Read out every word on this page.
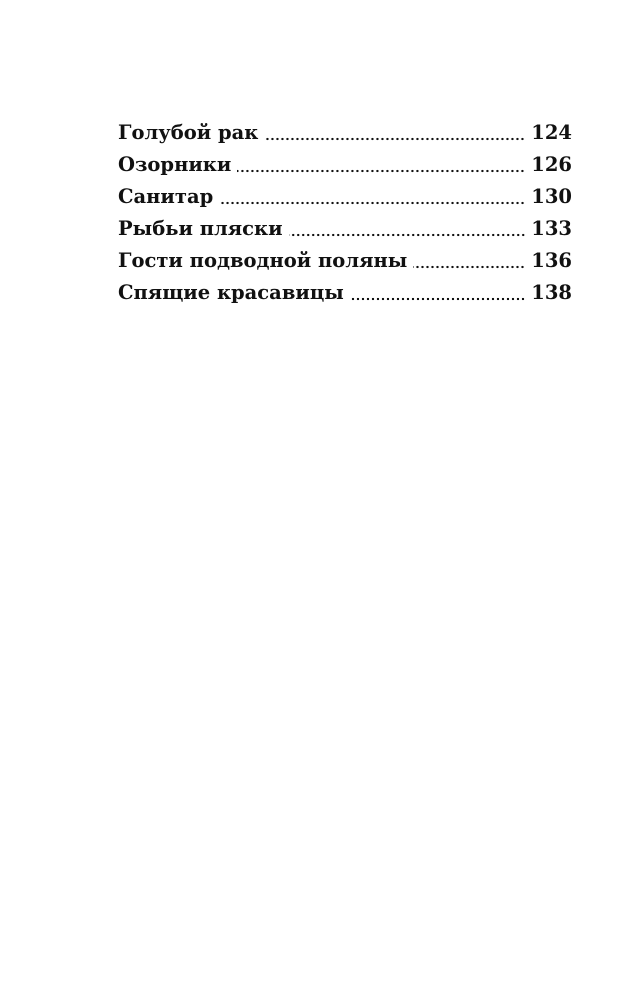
Голубой рак	124
Озорники	126
Санитар	130
Рыбьи пляски	133
Гости подводной поляны	136
Спящие красавицы	138
